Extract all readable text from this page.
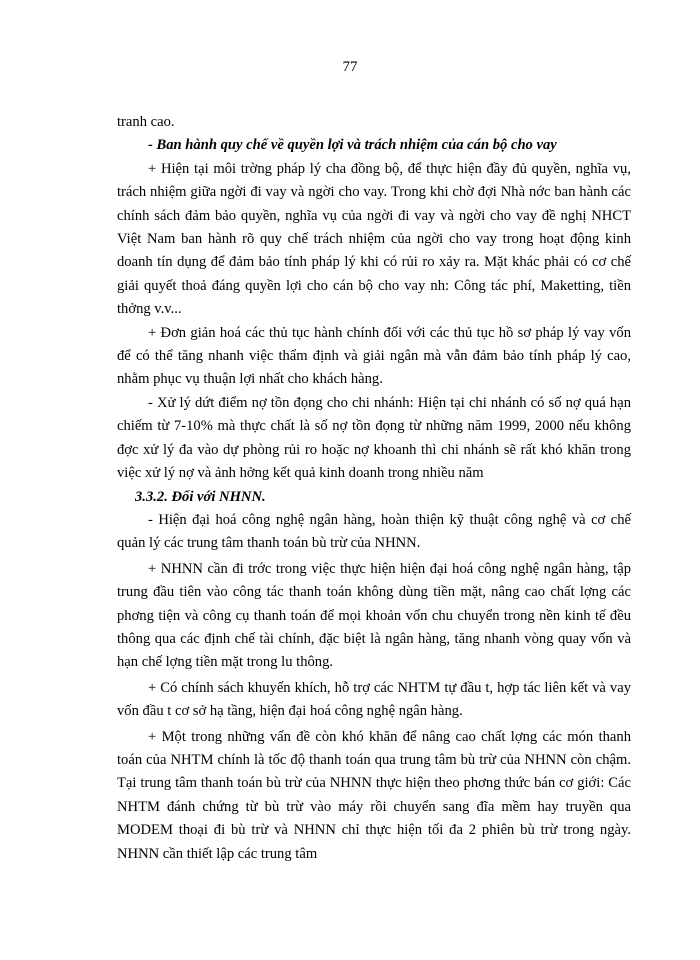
77

tranh cao.

- Ban hành quy chế về quyền lợi và trách nhiệm của cán bộ cho vay

+ Hiện tại môi trờng pháp lý cha đồng bộ, để thực hiện đầy đủ quyền, nghĩa vụ, trách nhiệm giữa ngời đi vay và ngời cho vay. Trong khi chờ đợi Nhà nớc ban hành các chính sách đảm bảo quyền, nghĩa vụ của ngời đi vay và ngời cho vay đề nghị NHCT Việt Nam ban hành rõ quy chế trách nhiệm của ngời cho vay trong hoạt động kinh doanh tín dụng để đảm bảo tính pháp lý khi có rủi ro xảy ra. Mặt khác phải có cơ chế giải quyết thoả đáng quyền lợi cho cán bộ cho vay nh: Công tác phí, Maketting, tiền thởng v.v...

+ Đơn giản hoá các thủ tục hành chính đối với các thủ tục hồ sơ pháp lý vay vốn để có thể tăng nhanh việc thẩm định và giải ngân mà vẫn đảm bảo tính pháp lý cao, nhằm phục vụ thuận lợi nhất cho khách hàng.

- Xử lý dứt điểm nợ tồn đọng cho chi nhánh: Hiện tại chi nhánh có số nợ quá hạn chiếm từ 7-10% mà thực chất là số nợ tồn đọng từ những năm 1999, 2000 nếu không đợc xử lý đa vào dự phòng rủi ro hoặc nợ khoanh thì chi nhánh sẽ rất khó khăn trong việc xử lý nợ và ảnh hởng kết quả kinh doanh trong nhiều năm

3.3.2. Đối với NHNN.

- Hiện đại hoá công nghệ ngân hàng, hoàn thiện kỹ thuật công nghệ và cơ chế quản lý các trung tâm thanh toán bù trừ của NHNN.

+ NHNN cần đi trớc trong việc thực hiện hiện đại hoá công nghệ ngân hàng, tập trung đầu tiên vào công tác thanh toán không dùng tiền mặt, nâng cao chất lợng các phơng tiện và công cụ thanh toán để mọi khoản vốn chu chuyển trong nền kinh tế đều thông qua các định chế tài chính, đặc biệt là ngân hàng, tăng nhanh vòng quay vốn và hạn chế lợng tiền mặt trong lu thông.

+ Có chính sách khuyến khích, hỗ trợ các NHTM tự đầu t, hợp tác liên kết và vay vốn đầu t cơ sở hạ tầng, hiện đại hoá công nghệ ngân hàng.

+ Một trong những vấn đề còn khó khăn để nâng cao chất lợng các món thanh toán của NHTM chính là tốc độ thanh toán qua trung tâm bù trừ của NHNN còn chậm. Tại trung tâm thanh toán bù trừ của NHNN thực hiện theo phơng thức bán cơ giới: Các NHTM đánh chứng từ bù trừ vào máy rồi chuyển sang đĩa mềm hay truyền qua MODEM thoại đi bù trừ và NHNN chỉ thực hiện tối đa 2 phiên bù trừ trong ngày. NHNN cần thiết lập các trung tâm
